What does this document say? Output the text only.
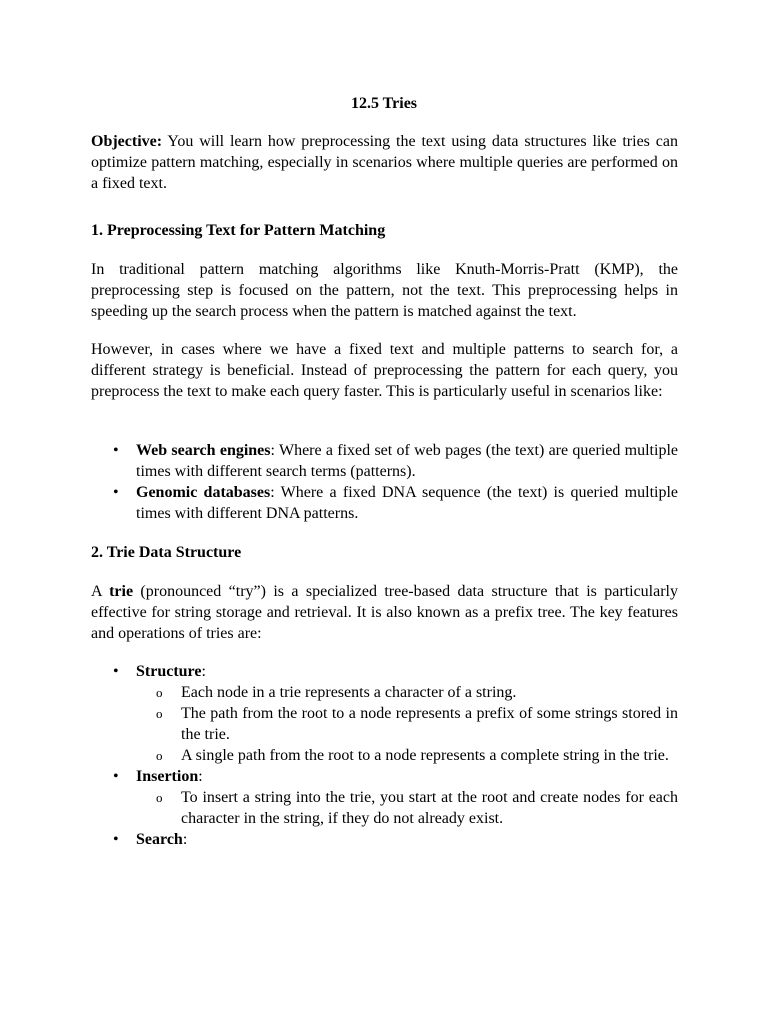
12.5 Tries

Objective: You will learn how preprocessing the text using data structures like tries can optimize pattern matching, especially in scenarios where multiple queries are performed on a fixed text.

1. Preprocessing Text for Pattern Matching

In traditional pattern matching algorithms like Knuth-Morris-Pratt (KMP), the preprocessing step is focused on the pattern, not the text. This preprocessing helps in speeding up the search process when the pattern is matched against the text.

However, in cases where we have a fixed text and multiple patterns to search for, a different strategy is beneficial. Instead of preprocessing the pattern for each query, you preprocess the text to make each query faster. This is particularly useful in scenarios like:

• Web search engines: Where a fixed set of web pages (the text) are queried multiple times with different search terms (patterns).
• Genomic databases: Where a fixed DNA sequence (the text) is queried multiple times with different DNA patterns.
2. Trie Data Structure

A trie (pronounced “try”) is a specialized tree-based data structure that is particularly effective for string storage and retrieval. It is also known as a prefix tree. The key features and operations of tries are:

• Structure:
o Each node in a trie represents a character of a string.
o The path from the root to a node represents a prefix of some strings stored in the trie.
o A single path from the root to a node represents a complete string in the trie.
• Insertion:
o To insert a string into the trie, you start at the root and create nodes for each character in the string, if they do not already exist.
• Search:
